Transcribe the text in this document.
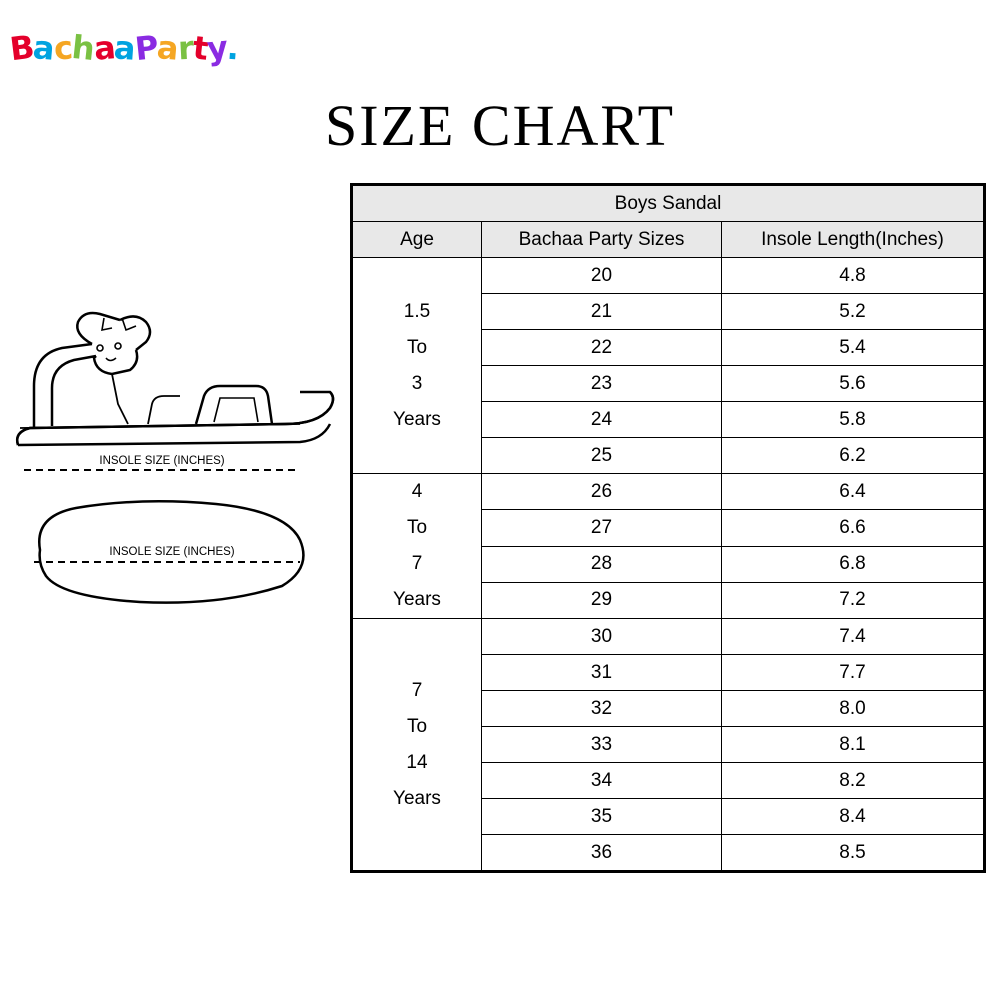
BachaaParty.
SIZE CHART
INSOLE SIZE (INCHES)
INSOLE SIZE (INCHES)
Boys Sandal		
Age	Bachaa Party Sizes	Insole Length(Inches)

1.5
To
3
Years	20	4.8
	21	5.2
	22	5.4
	23	5.6
	24	5.8
	25	6.2

4
To
7
Years	26	6.4
	27	6.6
	28	6.8
	29	7.2

7
To
14
Years	30	7.4
	31	7.7
	32	8.0
	33	8.1
	34	8.2
	35	8.4
	36	8.5
